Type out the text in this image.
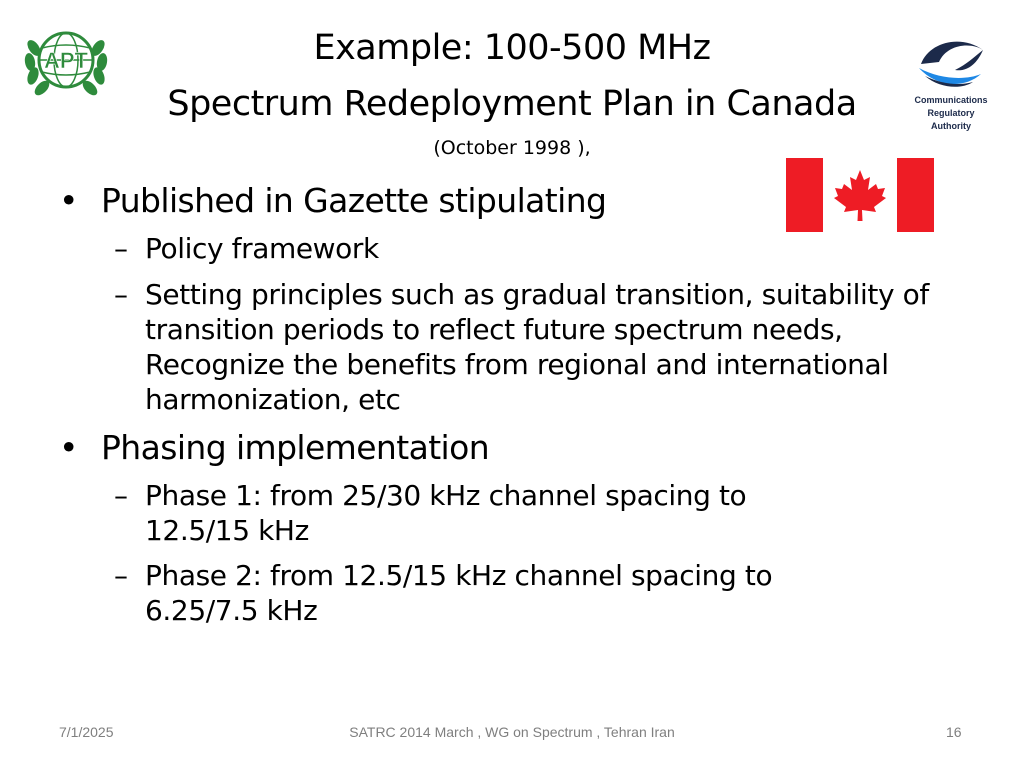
APT	Example: 100-500 MHz
Spectrum Redeployment Plan in Canada
(October 1998 ),
Communications
Regulatory
Authority
• Published in Gazette stipulating
– Policy framework
– Setting principles such as gradual transition, suitability of transition periods to reflect future spectrum needs, Recognize the benefits from regional and international harmonization, etc
• Phasing implementation
– Phase 1: from 25/30 kHz channel spacing to 12.5/15 kHz
– Phase 2: from 12.5/15 kHz channel spacing to 6.25/7.5 kHz
7/1/2025	SATRC 2014 March , WG on Spectrum , Tehran Iran	16
